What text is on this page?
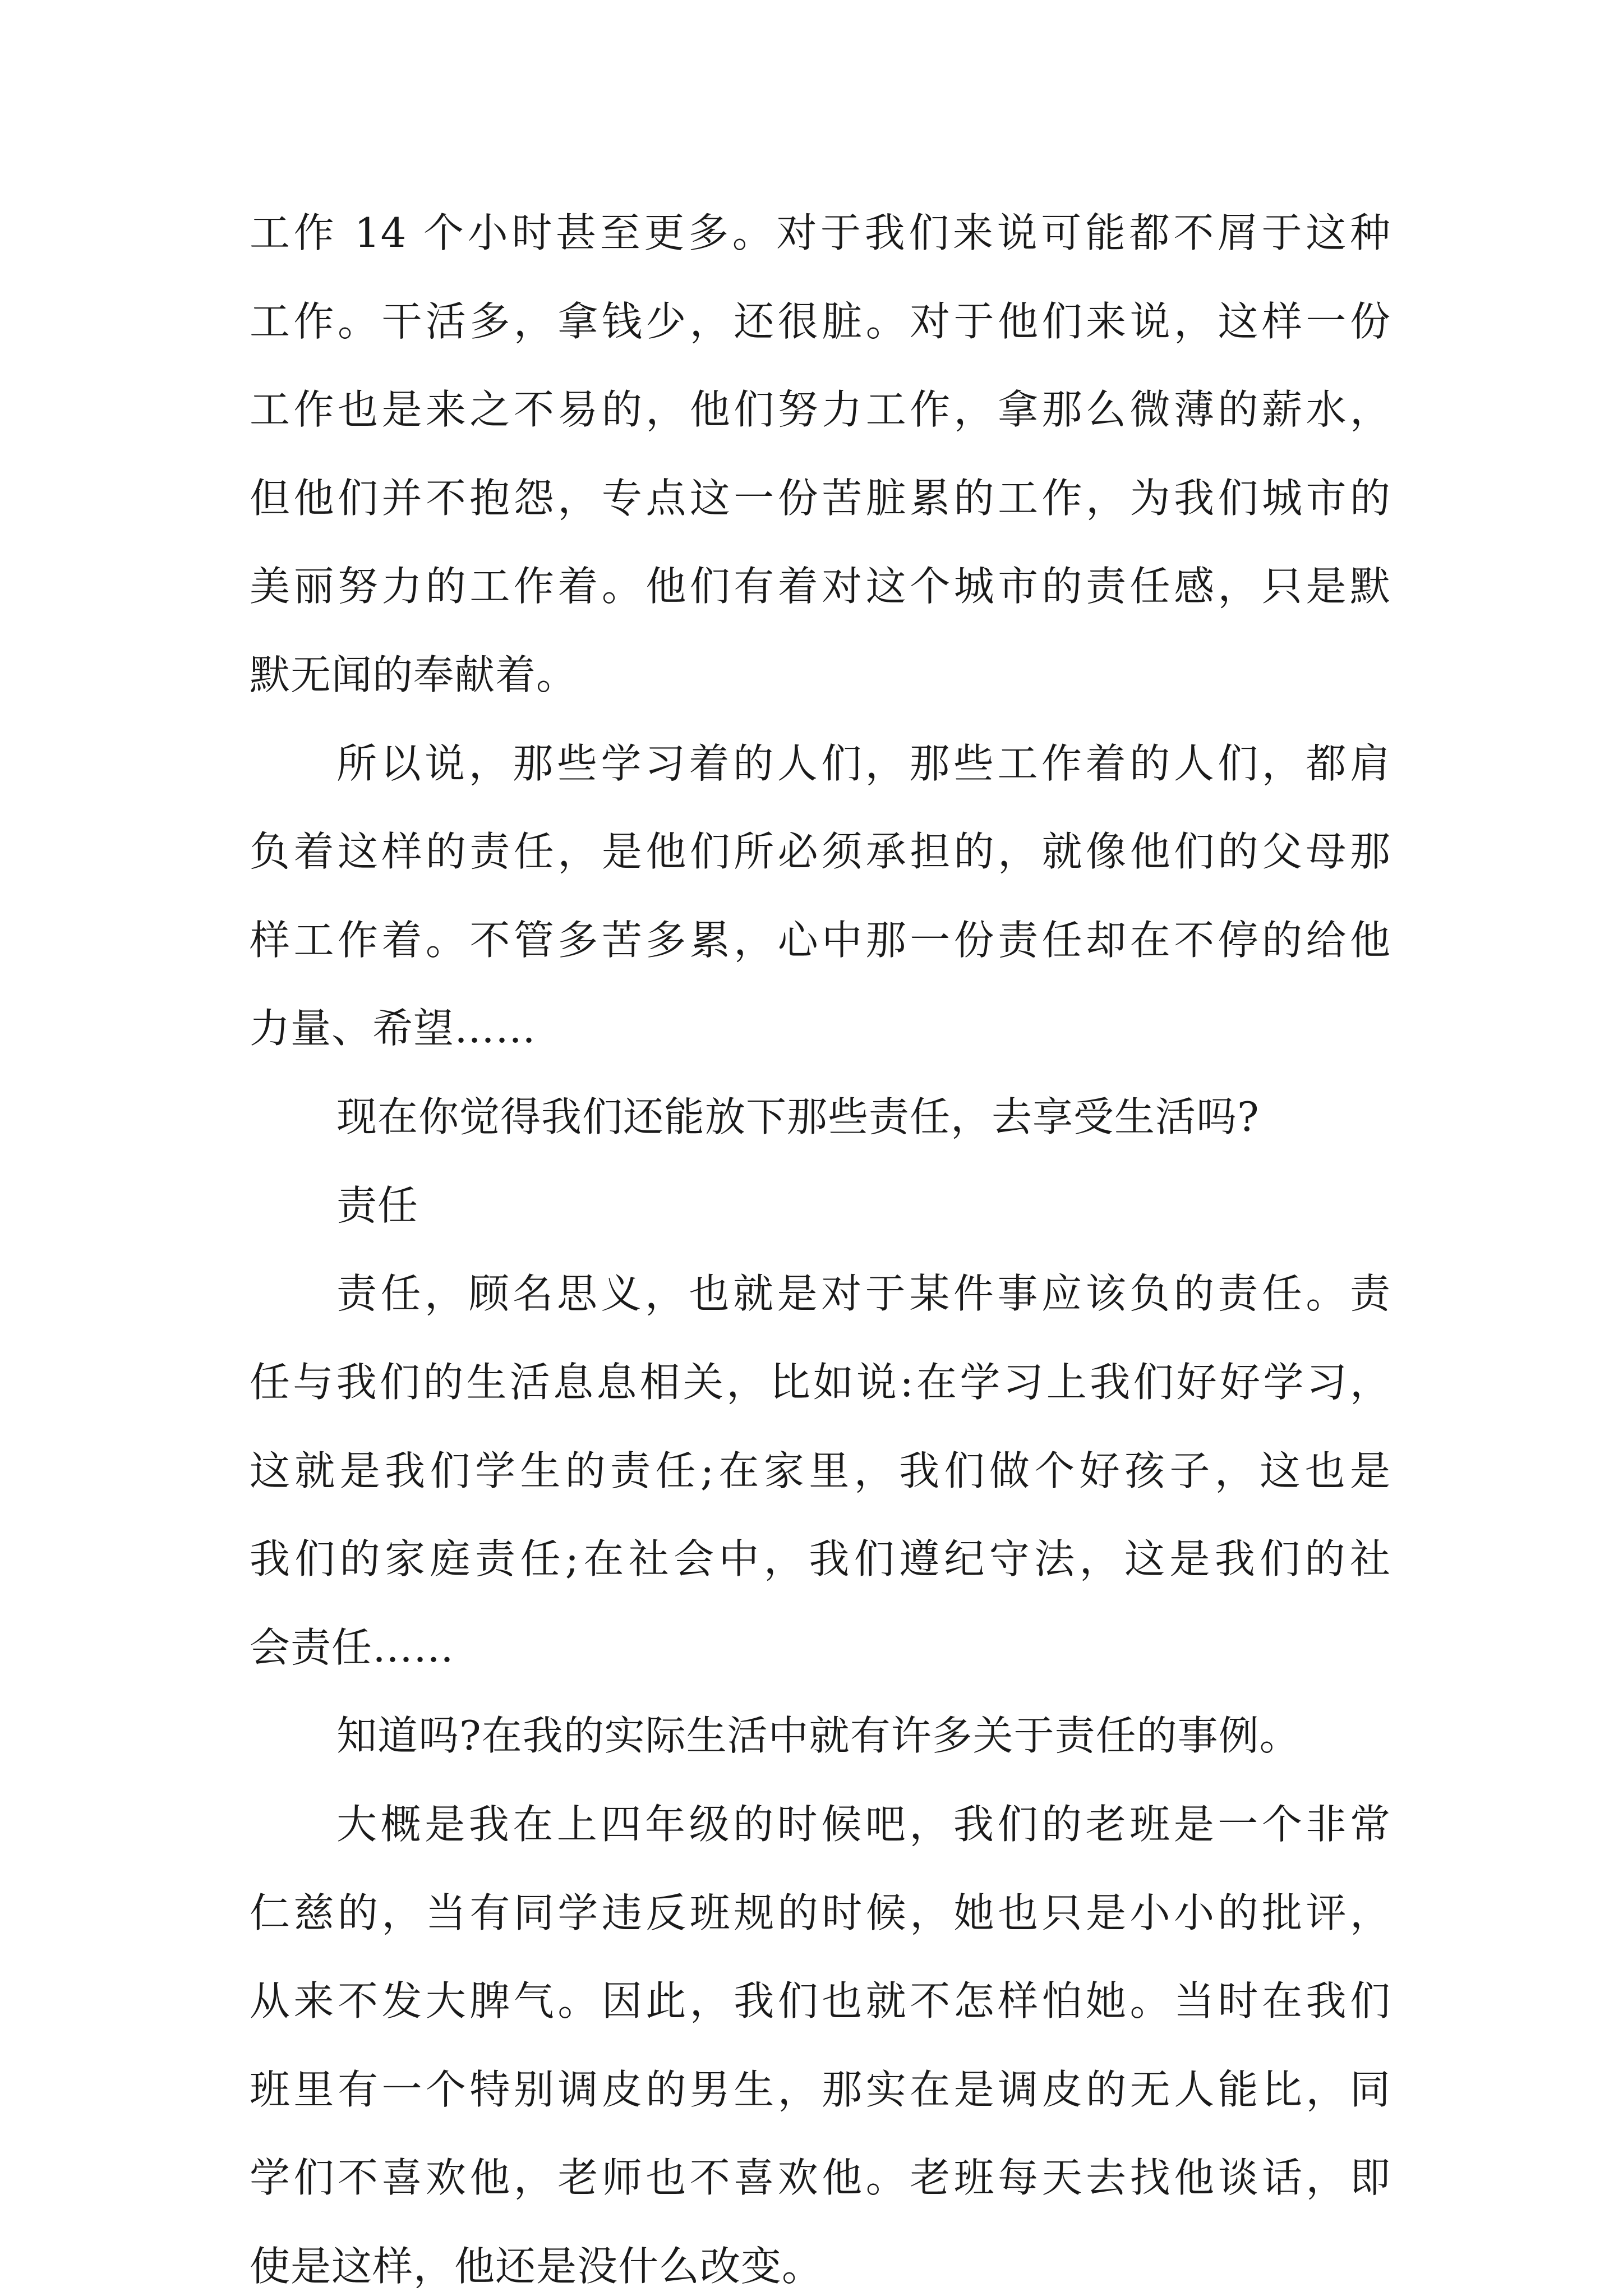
工作 14 个小时甚至更多。对于我们来说可能都不屑于这种
工作。干活多，拿钱少，还很脏。对于他们来说，这样一份
工作也是来之不易的，他们努力工作，拿那么微薄的薪水，
但他们并不抱怨，专点这一份苦脏累的工作，为我们城市的
美丽努力的工作着。他们有着对这个城市的责任感，只是默
默无闻的奉献着。
所以说，那些学习着的人们，那些工作着的人们，都肩
负着这样的责任，是他们所必须承担的，就像他们的父母那
样工作着。不管多苦多累，心中那一份责任却在不停的给他
力量、希望……
现在你觉得我们还能放下那些责任，去享受生活吗?
责任
责任，顾名思义，也就是对于某件事应该负的责任。责
任与我们的生活息息相关，比如说:在学习上我们好好学习，
这就是我们学生的责任;在家里，我们做个好孩子，这也是
我们的家庭责任;在社会中，我们遵纪守法，这是我们的社
会责任……
知道吗?在我的实际生活中就有许多关于责任的事例。
大概是我在上四年级的时候吧，我们的老班是一个非常
仁慈的，当有同学违反班规的时候，她也只是小小的批评，
从来不发大脾气。因此，我们也就不怎样怕她。当时在我们
班里有一个特别调皮的男生，那实在是调皮的无人能比，同
学们不喜欢他，老师也不喜欢他。老班每天去找他谈话，即
使是这样，他还是没什么改变。
